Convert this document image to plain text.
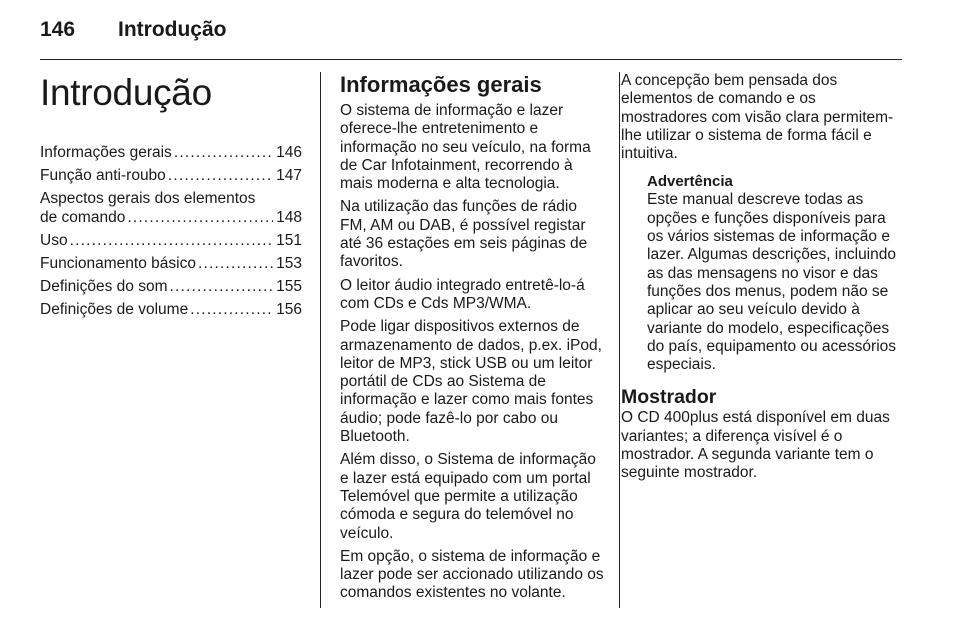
146	Introdução
Introdução
Informações gerais .....	146
Função anti-roubo .....	147
Aspectos gerais dos elementos
de comando .....	148
Uso .....	151
Funcionamento básico .....	153
Definições do som .....	155
Definições de volume .....	156
Informações gerais

O sistema de informação e lazer oferece-lhe entretenimento e informação no seu veículo, na forma de Car Infotainment, recorrendo à mais moderna e alta tecnologia.

Na utilização das funções de rádio FM, AM ou DAB, é possível registar até 36 estações em seis páginas de favoritos.

O leitor áudio integrado entretê-lo-á com CDs e Cds MP3/WMA.

Pode ligar dispositivos externos de armazenamento de dados, p.ex. iPod, leitor de MP3, stick USB ou um leitor portátil de CDs ao Sistema de informação e lazer como mais fontes áudio; pode fazê-lo por cabo ou Bluetooth.

Além disso, o Sistema de informação e lazer está equipado com um portal Telemóvel que permite a utilização cómoda e segura do telemóvel no veículo.

Em opção, o sistema de informação e lazer pode ser accionado utilizando os comandos existentes no volante.

A concepção bem pensada dos elementos de comando e os mostradores com visão clara permitem-lhe utilizar o sistema de forma fácil e intuitiva.

Advertência
Este manual descreve todas as opções e funções disponíveis para os vários sistemas de informação e lazer. Algumas descrições, incluindo as das mensagens no visor e das funções dos menus, podem não se aplicar ao seu veículo devido à variante do modelo, especificações do país, equipamento ou acessórios especiais.
Mostrador

O CD 400plus está disponível em duas variantes; a diferença visível é o mostrador. A segunda variante tem o seguinte mostrador.
